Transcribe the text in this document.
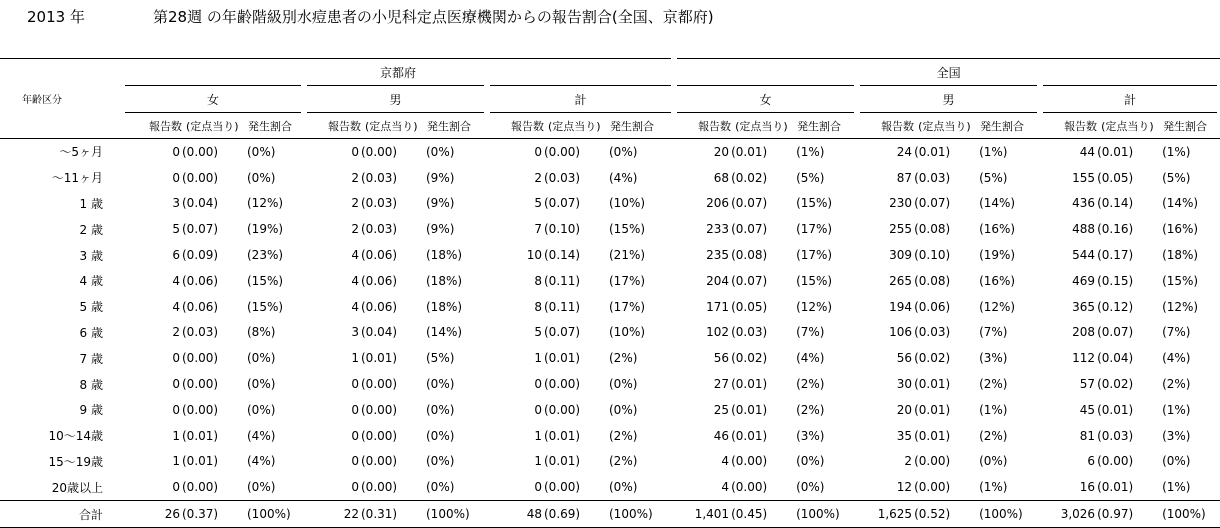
2013 年	第28週 の年齢階級別水痘患者の小児科定点医療機関からの報告割合(全国、京都府)
年齢区分	京都府									全国								
	女			男			計			女			男			計		
	報告数	(定点当り)	発生割合	報告数	(定点当り)	発生割合	報告数	(定点当り)	発生割合	報告数	(定点当り)	発生割合	報告数	(定点当り)	発生割合	報告数	(定点当り)	発生割合
～5ヶ月	0	(0.00)	(0%)	0	(0.00)	(0%)	0	(0.00)	(0%)	20	(0.01)	(1%)	24	(0.01)	(1%)	44	(0.01)	(1%)
～11ヶ月	0	(0.00)	(0%)	2	(0.03)	(9%)	2	(0.03)	(4%)	68	(0.02)	(5%)	87	(0.03)	(5%)	155	(0.05)	(5%)
1 歳	3	(0.04)	(12%)	2	(0.03)	(9%)	5	(0.07)	(10%)	206	(0.07)	(15%)	230	(0.07)	(14%)	436	(0.14)	(14%)
2 歳	5	(0.07)	(19%)	2	(0.03)	(9%)	7	(0.10)	(15%)	233	(0.07)	(17%)	255	(0.08)	(16%)	488	(0.16)	(16%)
3 歳	6	(0.09)	(23%)	4	(0.06)	(18%)	10	(0.14)	(21%)	235	(0.08)	(17%)	309	(0.10)	(19%)	544	(0.17)	(18%)
4 歳	4	(0.06)	(15%)	4	(0.06)	(18%)	8	(0.11)	(17%)	204	(0.07)	(15%)	265	(0.08)	(16%)	469	(0.15)	(15%)
5 歳	4	(0.06)	(15%)	4	(0.06)	(18%)	8	(0.11)	(17%)	171	(0.05)	(12%)	194	(0.06)	(12%)	365	(0.12)	(12%)
6 歳	2	(0.03)	(8%)	3	(0.04)	(14%)	5	(0.07)	(10%)	102	(0.03)	(7%)	106	(0.03)	(7%)	208	(0.07)	(7%)
7 歳	0	(0.00)	(0%)	1	(0.01)	(5%)	1	(0.01)	(2%)	56	(0.02)	(4%)	56	(0.02)	(3%)	112	(0.04)	(4%)
8 歳	0	(0.00)	(0%)	0	(0.00)	(0%)	0	(0.00)	(0%)	27	(0.01)	(2%)	30	(0.01)	(2%)	57	(0.02)	(2%)
9 歳	0	(0.00)	(0%)	0	(0.00)	(0%)	0	(0.00)	(0%)	25	(0.01)	(2%)	20	(0.01)	(1%)	45	(0.01)	(1%)
10～14歳	1	(0.01)	(4%)	0	(0.00)	(0%)	1	(0.01)	(2%)	46	(0.01)	(3%)	35	(0.01)	(2%)	81	(0.03)	(3%)
15～19歳	1	(0.01)	(4%)	0	(0.00)	(0%)	1	(0.01)	(2%)	4	(0.00)	(0%)	2	(0.00)	(0%)	6	(0.00)	(0%)
20歳以上	0	(0.00)	(0%)	0	(0.00)	(0%)	0	(0.00)	(0%)	4	(0.00)	(0%)	12	(0.00)	(1%)	16	(0.01)	(1%)
合計	26	(0.37)	(100%)	22	(0.31)	(100%)	48	(0.69)	(100%)	1,401	(0.45)	(100%)	1,625	(0.52)	(100%)	3,026	(0.97)	(100%)
